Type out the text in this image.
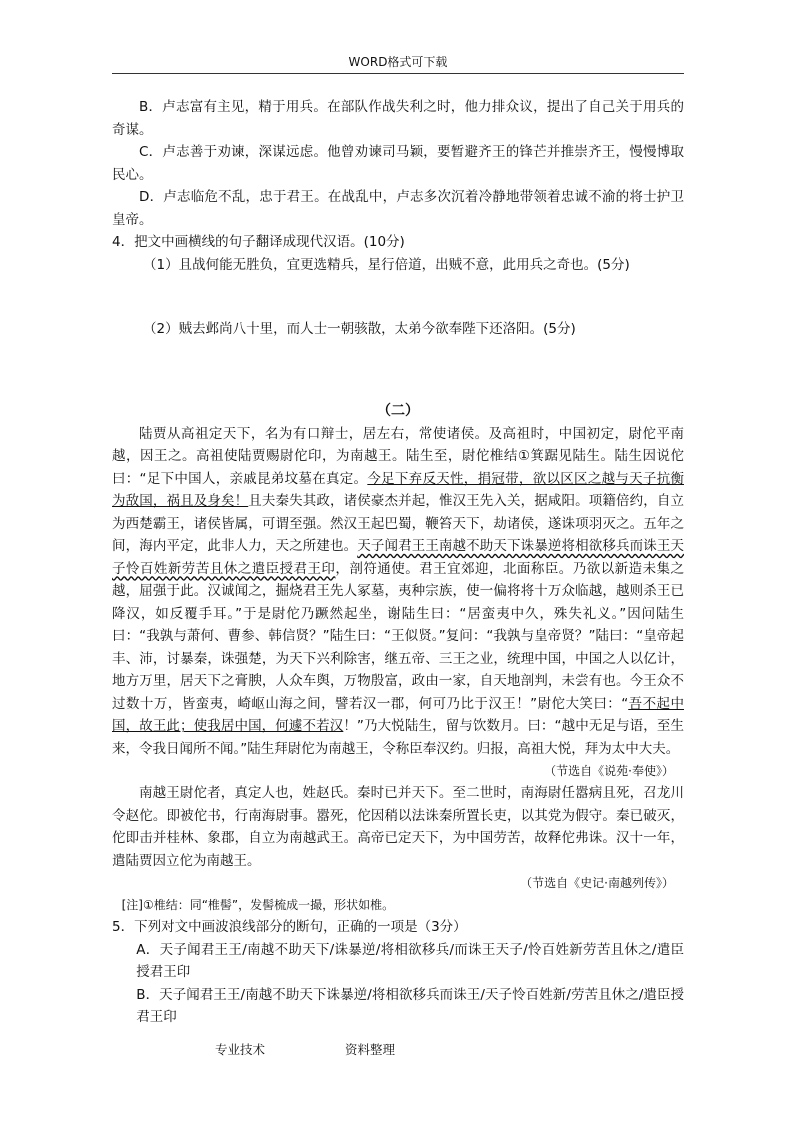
WORD格式可下载

B．卢志富有主见，精于用兵。在部队作战失利之时，他力排众议，提出了自己关于用兵的奇谋。

C．卢志善于劝谏，深谋远虑。他曾劝谏司马颖，要暂避齐王的锋芒并推崇齐王，慢慢博取民心。

D．卢志临危不乱，忠于君王。在战乱中，卢志多次沉着冷静地带领着忠诚不渝的将士护卫皇帝。

4．把文中画横线的句子翻译成现代汉语。(10分)

（1）且战何能无胜负，宜更选精兵，星行倍道，出贼不意，此用兵之奇也。(5分)

（2）贼去邺尚八十里，而人士一朝骇散，太弟今欲奉陛下还洛阳。(5分)

（二）

陆贾从高祖定天下，名为有口辩士，居左右，常使诸侯。及高祖时，中国初定，尉佗平南越，因王之。高祖使陆贾赐尉佗印，为南越王。陆生至，尉佗椎结①箕踞见陆生。陆生因说佗曰：“足下中国人，亲戚昆弟坟墓在真定。今足下弃反天性，捐冠带，欲以区区之越与天子抗衡为敌国，祸且及身矣！且夫秦失其政，诸侯豪杰并起，惟汉王先入关，据咸阳。项籍倍约，自立为西楚霸王，诸侯皆属，可谓至强。然汉王起巴蜀，鞭笞天下，劫诸侯，遂诛项羽灭之。五年之间，海内平定，此非人力，天之所建也。天子闻君王王南越不助天下诛暴逆将相欲移兵而诛王天子怜百姓新劳苦且休之遣臣授君王印，剖符通使。君王宜郊迎，北面称臣。乃欲以新造未集之越，屈强于此。汉诚闻之，掘烧君王先人冢墓，夷种宗族，使一偏将将十万众临越，越则杀王已降汉，如反覆手耳。”于是尉佗乃蹶然起坐，谢陆生曰：“居蛮夷中久，殊失礼义。”因问陆生曰：“我孰与萧何、曹参、韩信贤？”陆生曰：“王似贤。”复问：“我孰与皇帝贤？”陆曰：“皇帝起丰、沛，讨暴秦，诛强楚，为天下兴利除害，继五帝、三王之业，统理中国，中国之人以亿计，地方万里，居天下之膏腴，人众车舆，万物殷富，政由一家，自天地剖判，未尝有也。今王众不过数十万，皆蛮夷，崎岖山海之间，譬若汉一郡，何可乃比于汉王！”尉佗大笑曰：“吾不起中国，故王此；使我居中国，何遽不若汉！”乃大悦陆生，留与饮数月。曰：“越中无足与语，至生来，令我日闻所不闻。”陆生拜尉佗为南越王，令称臣奉汉约。归报，高祖大悦，拜为太中大夫。

（节选自《说苑·奉使》）

南越王尉佗者，真定人也，姓赵氏。秦时已并天下。至二世时，南海尉任嚣病且死，召龙川令赵佗。即被佗书，行南海尉事。嚣死，佗因稍以法诛秦所置长吏，以其党为假守。秦已破灭，佗即击并桂林、象郡，自立为南越武王。高帝已定天下，为中国劳苦，故释佗弗诛。汉十一年，遣陆贾因立佗为南越王。

（节选自《史记·南越列传》）

[注]①椎结：同“椎髻”，发髻梳成一撮，形状如椎。

5．下列对文中画波浪线部分的断句，正确的一项是（3分）

A．天子闻君王王/南越不助天下/诛暴逆/将相欲移兵/而诛王天子/怜百姓新劳苦且休之/遣臣授君王印

B．天子闻君王王/南越不助天下诛暴逆/将相欲移兵而诛王/天子怜百姓新/劳苦且休之/遣臣授君王印

专业技术	资料整理
